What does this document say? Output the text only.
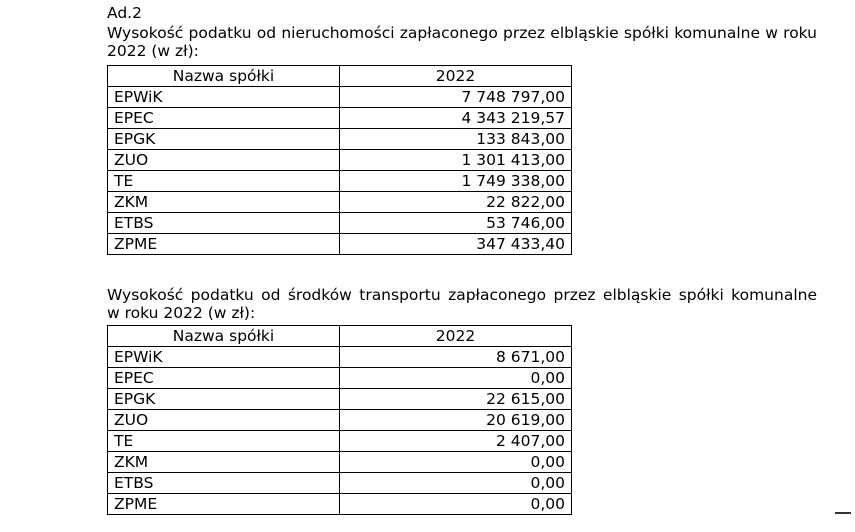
Ad.2
Wysokość podatku od nieruchomości zapłaconego przez elbląskie spółki komunalne w roku
2022 (w zł):
Nazwa spółki	2022
EPWiK	7 748 797,00
EPEC	4 343 219,57
EPGK	133 843,00
ZUO	1 301 413,00
TE	1 749 338,00
ZKM	22 822,00
ETBS	53 746,00
ZPME	347 433,40
Wysokość podatku od środków transportu zapłaconego przez elbląskie spółki komunalne
w roku 2022 (w zł):
Nazwa spółki	2022
EPWiK	8 671,00
EPEC	0,00
EPGK	22 615,00
ZUO	20 619,00
TE	2 407,00
ZKM	0,00
ETBS	0,00
ZPME	0,00
